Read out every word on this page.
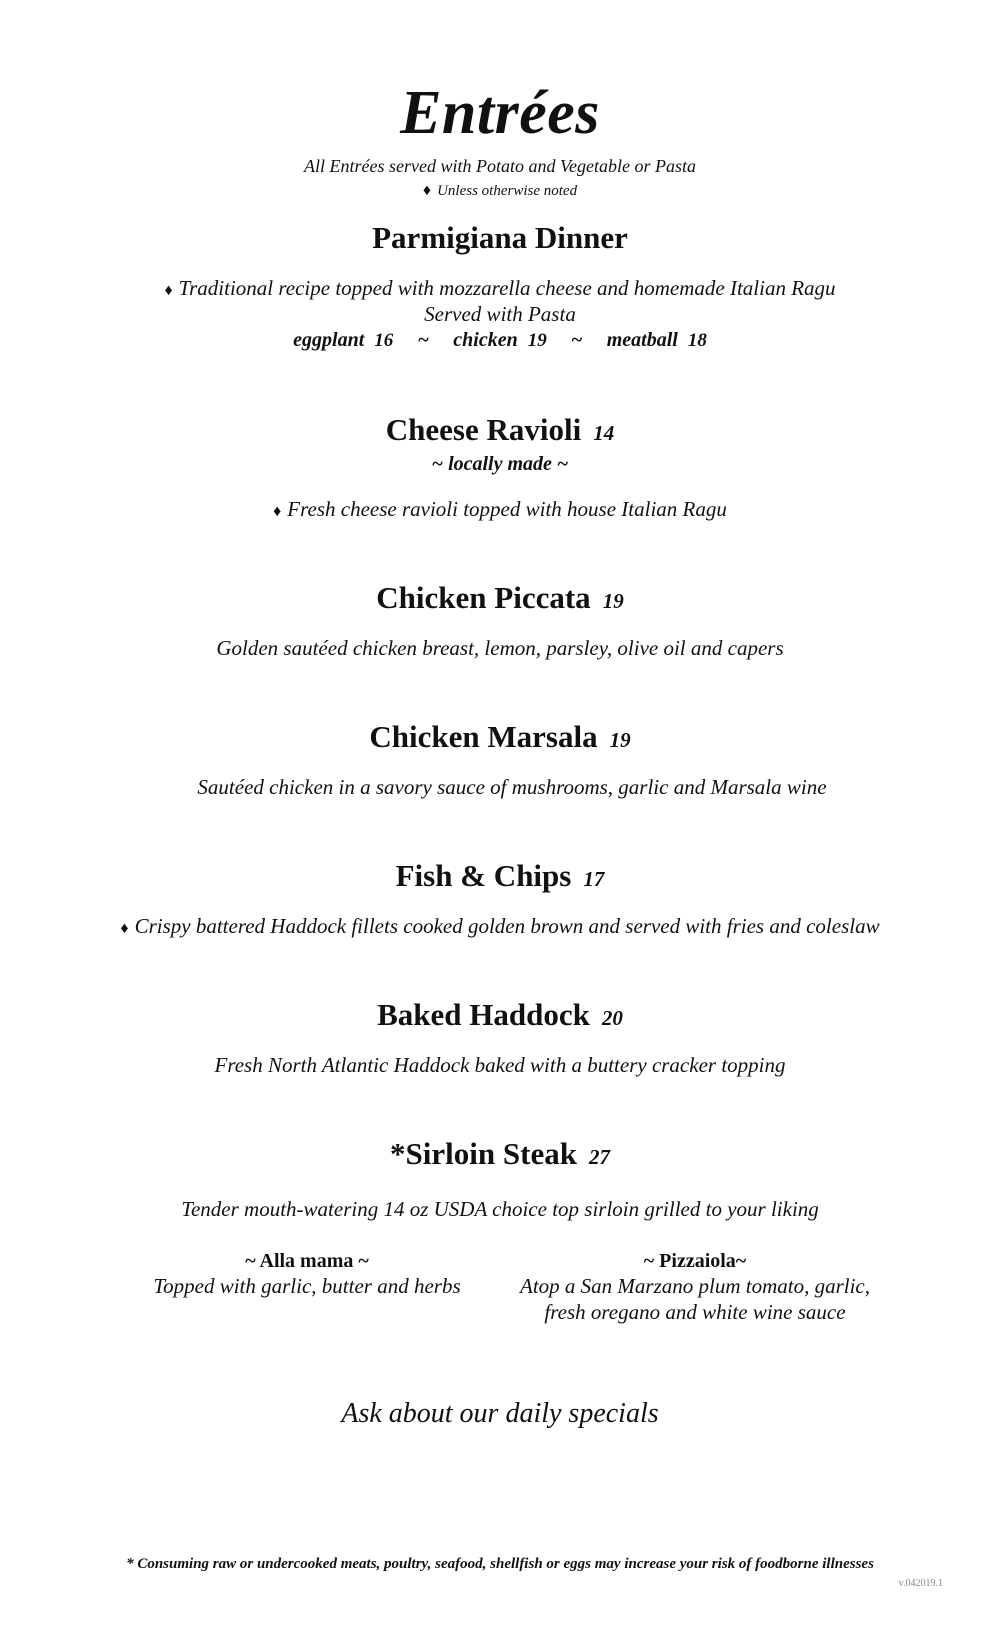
Entrées
All Entrées served with Potato and Vegetable or Pasta
♦ Unless otherwise noted
Parmigiana Dinner
♦ Traditional recipe topped with mozzarella cheese and homemade Italian Ragu
Served with Pasta
eggplant 16 ~ chicken 19 ~ meatball 18
Cheese Ravioli 14
~ locally made ~
♦ Fresh cheese ravioli topped with house Italian Ragu
Chicken Piccata 19
Golden sautéed chicken breast, lemon, parsley, olive oil and capers
Chicken Marsala 19
Sautéed chicken in a savory sauce of mushrooms, garlic and Marsala wine
Fish & Chips 17
♦ Crispy battered Haddock fillets cooked golden brown and served with fries and coleslaw
Baked Haddock 20
Fresh North Atlantic Haddock baked with a buttery cracker topping
*Sirloin Steak 27
Tender mouth-watering 14 oz USDA choice top sirloin grilled to your liking
~ Alla mama ~
Topped with garlic, butter and herbs
~ Pizzaiola~
Atop a San Marzano plum tomato, garlic, fresh oregano and white wine sauce
Ask about our daily specials
* Consuming raw or undercooked meats, poultry, seafood, shellfish or eggs may increase your risk of foodborne illnesses
v.042019.1
